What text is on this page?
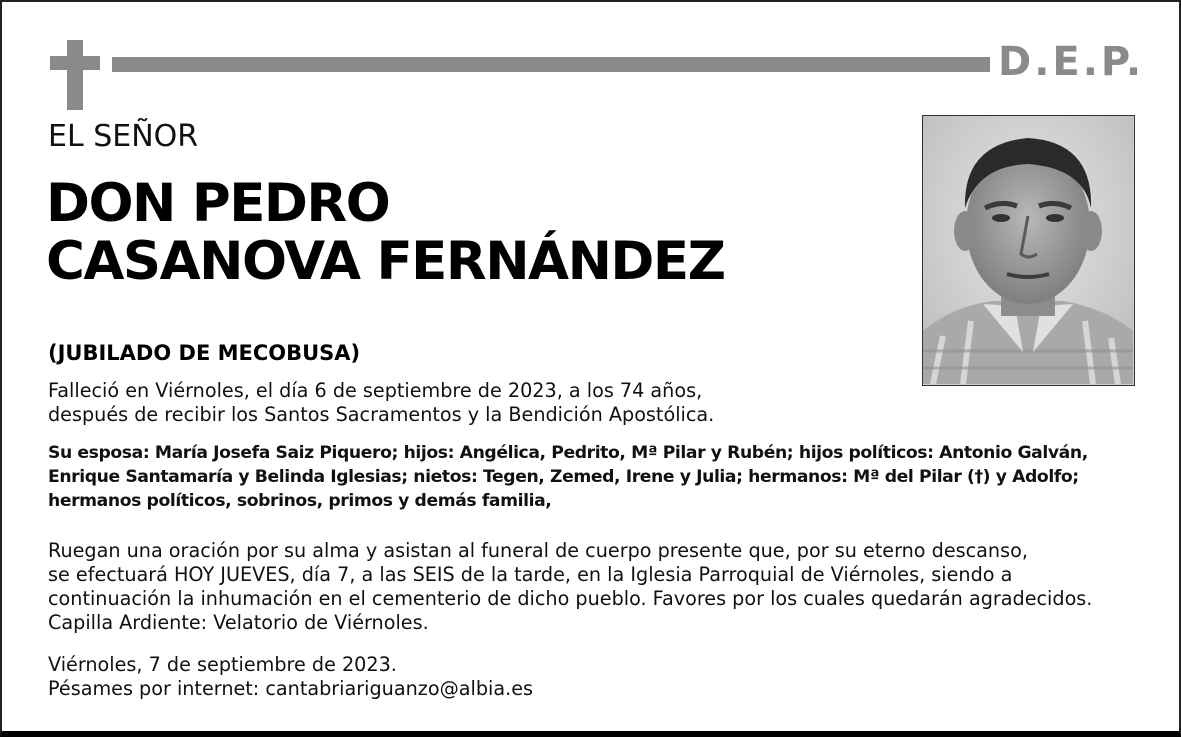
D.E.P.
EL SEÑOR
DON PEDRO
CASANOVA FERNÁNDEZ
(JUBILADO DE MECOBUSA)
Falleció en Viérnoles, el día 6 de septiembre de 2023, a los 74 años,
después de recibir los Santos Sacramentos y la Bendición Apostólica.
Su esposa: María Josefa Saiz Piquero; hijos: Angélica, Pedrito, Mª Pilar y Rubén; hijos políticos: Antonio Galván,
Enrique Santamaría y Belinda Iglesias; nietos: Tegen, Zemed, Irene y Julia; hermanos: Mª del Pilar (†) y Adolfo;
hermanos políticos, sobrinos, primos y demás familia,
Ruegan una oración por su alma y asistan al funeral de cuerpo presente que, por su eterno descanso,
se efectuará HOY JUEVES, día 7, a las SEIS de la tarde, en la Iglesia Parroquial de Viérnoles, siendo a
continuación la inhumación en el cementerio de dicho pueblo. Favores por los cuales quedarán agradecidos.
Capilla Ardiente: Velatorio de Viérnoles.
Viérnoles, 7 de septiembre de 2023.
Pésames por internet: cantabriariguanzo@albia.es
